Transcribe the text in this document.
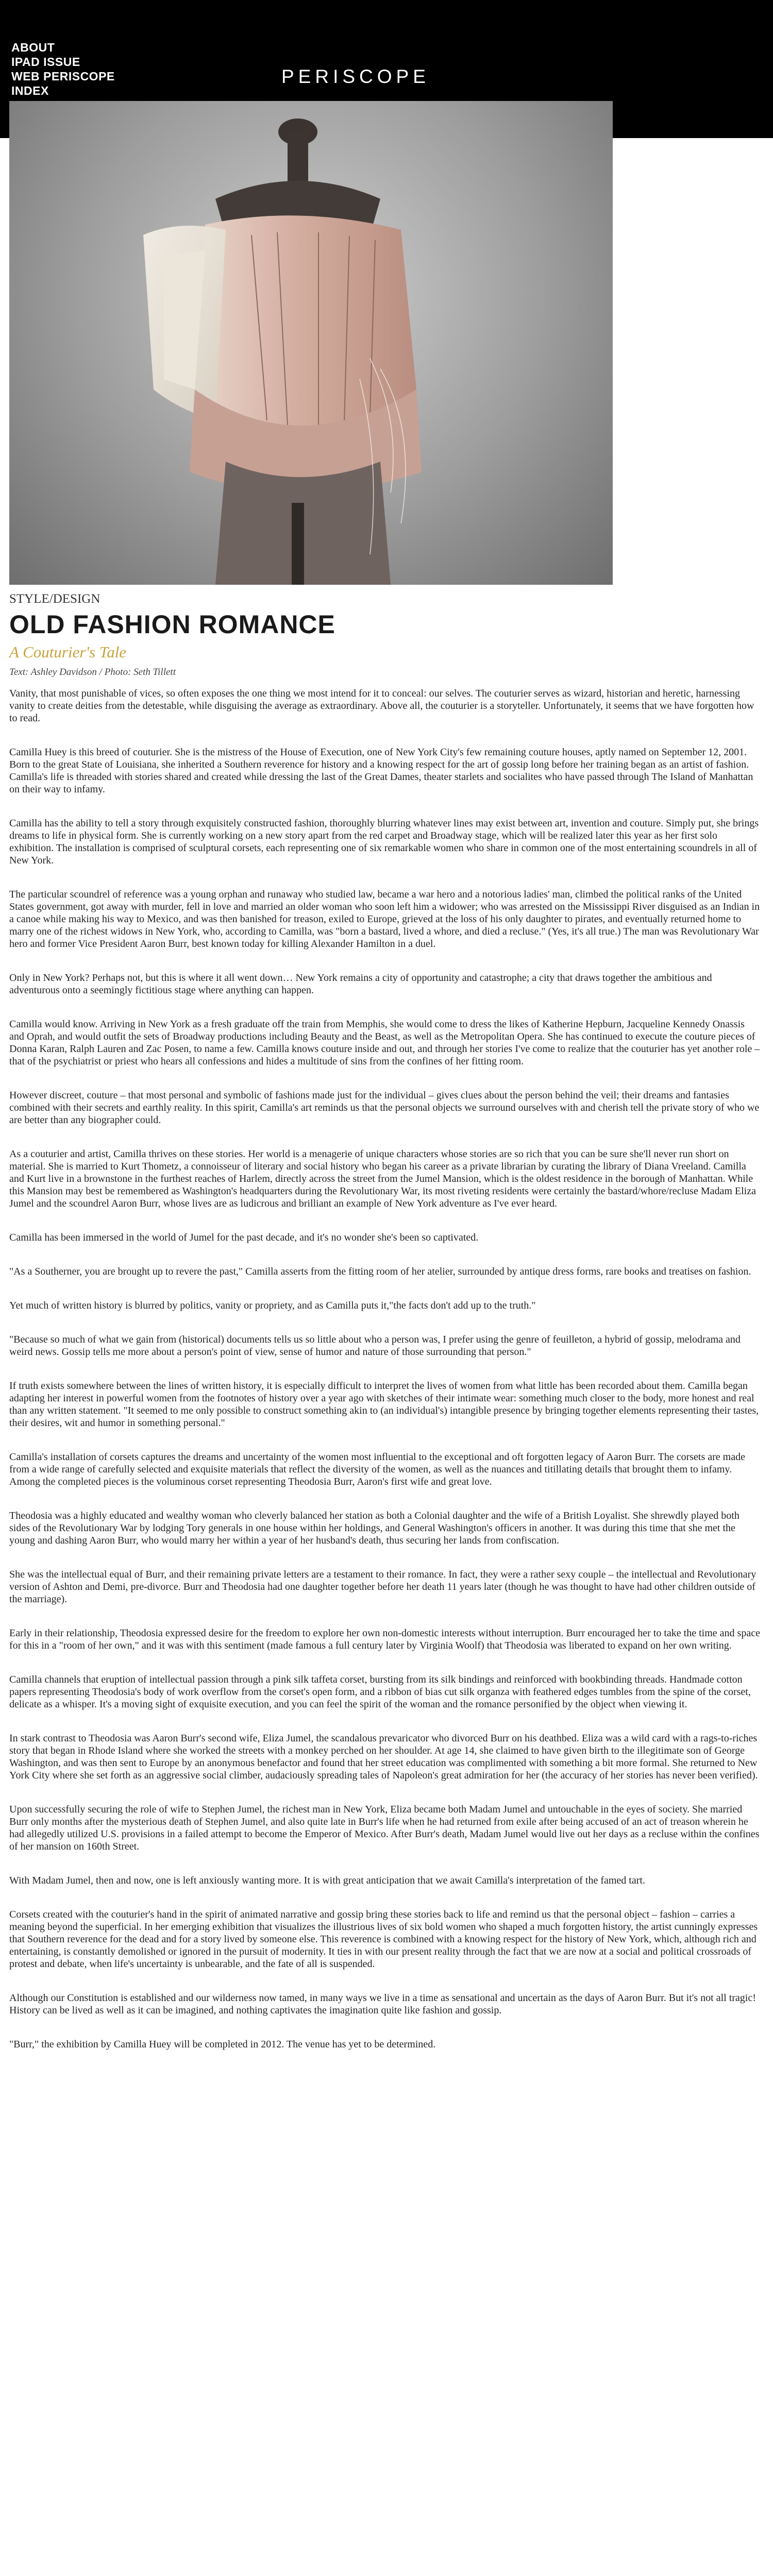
ABOUT
IPAD ISSUE
WEB PERISCOPE
INDEX
PERISCOPE
STYLE/DESIGN
OLD FASHION ROMANCE
A Couturier's Tale
Text: Ashley Davidson / Photo: Seth Tillett

Vanity, that most punishable of vices, so often exposes the one thing we most intend for it to conceal: our selves. The couturier serves as wizard, historian and heretic, harnessing vanity to create deities from the detestable, while disguising the average as extraordinary. Above all, the couturier is a storyteller. Unfortunately, it seems that we have forgotten how to read.

Camilla Huey is this breed of couturier. She is the mistress of the House of Execution, one of New York City's few remaining couture houses, aptly named on September 12, 2001. Born to the great State of Louisiana, she inherited a Southern reverence for history and a knowing respect for the art of gossip long before her training began as an artist of fashion. Camilla's life is threaded with stories shared and created while dressing the last of the Great Dames, theater starlets and socialites who have passed through The Island of Manhattan on their way to infamy.

Camilla has the ability to tell a story through exquisitely constructed fashion, thoroughly blurring whatever lines may exist between art, invention and couture. Simply put, she brings dreams to life in physical form. She is currently working on a new story apart from the red carpet and Broadway stage, which will be realized later this year as her first solo exhibition. The installation is comprised of sculptural corsets, each representing one of six remarkable women who share in common one of the most entertaining scoundrels in all of New York.

The particular scoundrel of reference was a young orphan and runaway who studied law, became a war hero and a notorious ladies' man, climbed the political ranks of the United States government, got away with murder, fell in love and married an older woman who soon left him a widower; who was arrested on the Mississippi River disguised as an Indian in a canoe while making his way to Mexico, and was then banished for treason, exiled to Europe, grieved at the loss of his only daughter to pirates, and eventually returned home to marry one of the richest widows in New York, who, according to Camilla, was "born a bastard, lived a whore, and died a recluse." (Yes, it's all true.) The man was Revolutionary War hero and former Vice President Aaron Burr, best known today for killing Alexander Hamilton in a duel.

Only in New York? Perhaps not, but this is where it all went down… New York remains a city of opportunity and catastrophe; a city that draws together the ambitious and adventurous onto a seemingly fictitious stage where anything can happen.

Camilla would know. Arriving in New York as a fresh graduate off the train from Memphis, she would come to dress the likes of Katherine Hepburn, Jacqueline Kennedy Onassis and Oprah, and would outfit the sets of Broadway productions including Beauty and the Beast, as well as the Metropolitan Opera. She has continued to execute the couture pieces of Donna Karan, Ralph Lauren and Zac Posen, to name a few. Camilla knows couture inside and out, and through her stories I've come to realize that the couturier has yet another role – that of the psychiatrist or priest who hears all confessions and hides a multitude of sins from the confines of her fitting room.

However discreet, couture – that most personal and symbolic of fashions made just for the individual – gives clues about the person behind the veil; their dreams and fantasies combined with their secrets and earthly reality. In this spirit, Camilla's art reminds us that the personal objects we surround ourselves with and cherish tell the private story of who we are better than any biographer could.

As a couturier and artist, Camilla thrives on these stories. Her world is a menagerie of unique characters whose stories are so rich that you can be sure she'll never run short on material. She is married to Kurt Thometz, a connoisseur of literary and social history who began his career as a private librarian by curating the library of Diana Vreeland. Camilla and Kurt live in a brownstone in the furthest reaches of Harlem, directly across the street from the Jumel Mansion, which is the oldest residence in the borough of Manhattan. While this Mansion may best be remembered as Washington's headquarters during the Revolutionary War, its most riveting residents were certainly the bastard/whore/recluse Madam Eliza Jumel and the scoundrel Aaron Burr, whose lives are as ludicrous and brilliant an example of New York adventure as I've ever heard.

Camilla has been immersed in the world of Jumel for the past decade, and it's no wonder she's been so captivated.

"As a Southerner, you are brought up to revere the past," Camilla asserts from the fitting room of her atelier, surrounded by antique dress forms, rare books and treatises on fashion.

Yet much of written history is blurred by politics, vanity or propriety, and as Camilla puts it,"the facts don't add up to the truth."

"Because so much of what we gain from (historical) documents tells us so little about who a person was, I prefer using the genre of feuilleton, a hybrid of gossip, melodrama and weird news. Gossip tells me more about a person's point of view, sense of humor and nature of those surrounding that person."

If truth exists somewhere between the lines of written history, it is especially difficult to interpret the lives of women from what little has been recorded about them. Camilla began adapting her interest in powerful women from the footnotes of history over a year ago with sketches of their intimate wear: something much closer to the body, more honest and real than any written statement. "It seemed to me only possible to construct something akin to (an individual's) intangible presence by bringing together elements representing their tastes, their desires, wit and humor in something personal."

Camilla's installation of corsets captures the dreams and uncertainty of the women most influential to the exceptional and oft forgotten legacy of Aaron Burr. The corsets are made from a wide range of carefully selected and exquisite materials that reflect the diversity of the women, as well as the nuances and titillating details that brought them to infamy. Among the completed pieces is the voluminous corset representing Theodosia Burr, Aaron's first wife and great love.

Theodosia was a highly educated and wealthy woman who cleverly balanced her station as both a Colonial daughter and the wife of a British Loyalist. She shrewdly played both sides of the Revolutionary War by lodging Tory generals in one house within her holdings, and General Washington's officers in another. It was during this time that she met the young and dashing Aaron Burr, who would marry her within a year of her husband's death, thus securing her lands from confiscation.

She was the intellectual equal of Burr, and their remaining private letters are a testament to their romance. In fact, they were a rather sexy couple – the intellectual and Revolutionary version of Ashton and Demi, pre-divorce. Burr and Theodosia had one daughter together before her death 11 years later (though he was thought to have had other children outside of the marriage).

Early in their relationship, Theodosia expressed desire for the freedom to explore her own non-domestic interests without interruption. Burr encouraged her to take the time and space for this in a "room of her own," and it was with this sentiment (made famous a full century later by Virginia Woolf) that Theodosia was liberated to expand on her own writing.

Camilla channels that eruption of intellectual passion through a pink silk taffeta corset, bursting from its silk bindings and reinforced with bookbinding threads. Handmade cotton papers representing Theodosia's body of work overflow from the corset's open form, and a ribbon of bias cut silk organza with feathered edges tumbles from the spine of the corset, delicate as a whisper. It's a moving sight of exquisite execution, and you can feel the spirit of the woman and the romance personified by the object when viewing it.

In stark contrast to Theodosia was Aaron Burr's second wife, Eliza Jumel, the scandalous prevaricator who divorced Burr on his deathbed. Eliza was a wild card with a rags-to-riches story that began in Rhode Island where she worked the streets with a monkey perched on her shoulder. At age 14, she claimed to have given birth to the illegitimate son of George Washington, and was then sent to Europe by an anonymous benefactor and found that her street education was complimented with something a bit more formal. She returned to New York City where she set forth as an aggressive social climber, audaciously spreading tales of Napoleon's great admiration for her (the accuracy of her stories has never been verified).

Upon successfully securing the role of wife to Stephen Jumel, the richest man in New York, Eliza became both Madam Jumel and untouchable in the eyes of society. She married Burr only months after the mysterious death of Stephen Jumel, and also quite late in Burr's life when he had returned from exile after being accused of an act of treason wherein he had allegedly utilized U.S. provisions in a failed attempt to become the Emperor of Mexico. After Burr's death, Madam Jumel would live out her days as a recluse within the confines of her mansion on 160th Street.

With Madam Jumel, then and now, one is left anxiously wanting more. It is with great anticipation that we await Camilla's interpretation of the famed tart.

Corsets created with the couturier's hand in the spirit of animated narrative and gossip bring these stories back to life and remind us that the personal object – fashion – carries a meaning beyond the superficial. In her emerging exhibition that visualizes the illustrious lives of six bold women who shaped a much forgotten history, the artist cunningly expresses that Southern reverence for the dead and for a story lived by someone else. This reverence is combined with a knowing respect for the history of New York, which, although rich and entertaining, is constantly demolished or ignored in the pursuit of modernity. It ties in with our present reality through the fact that we are now at a social and political crossroads of protest and debate, when life's uncertainty is unbearable, and the fate of all is suspended.

Although our Constitution is established and our wilderness now tamed, in many ways we live in a time as sensational and uncertain as the days of Aaron Burr. But it's not all tragic! History can be lived as well as it can be imagined, and nothing captivates the imagination quite like fashion and gossip.

"Burr," the exhibition by Camilla Huey will be completed in 2012. The venue has yet to be determined.
